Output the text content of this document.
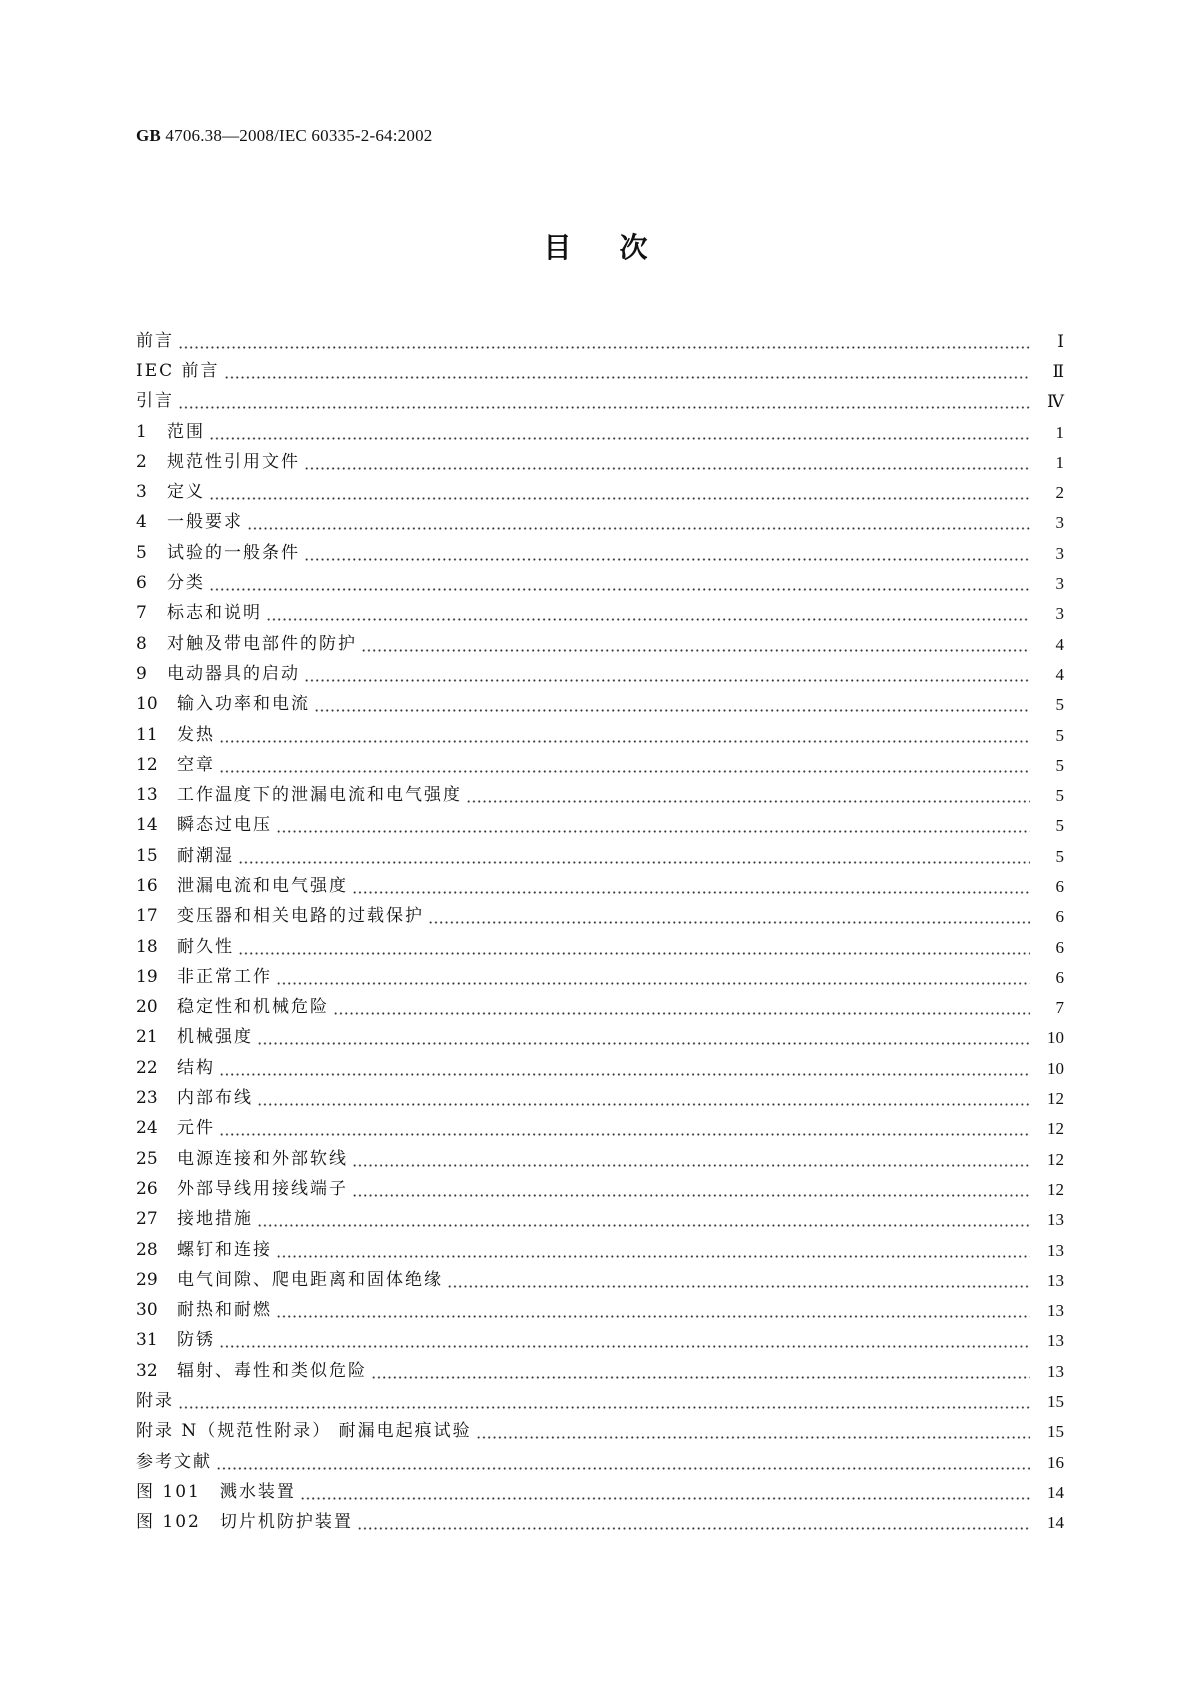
GB 4706.38—2008/IEC 60335-2-64:2002
目次
前言	Ⅰ
IEC 前言	Ⅱ
引言	Ⅳ
1	范围	1
2	规范性引用文件	1
3	定义	2
4	一般要求	3
5	试验的一般条件	3
6	分类	3
7	标志和说明	3
8	对触及带电部件的防护	4
9	电动器具的启动	4
10	输入功率和电流	5
11	发热	5
12	空章	5
13	工作温度下的泄漏电流和电气强度	5
14	瞬态过电压	5
15	耐潮湿	5
16	泄漏电流和电气强度	6
17	变压器和相关电路的过载保护	6
18	耐久性	6
19	非正常工作	6
20	稳定性和机械危险	7
21	机械强度	10
22	结构	10
23	内部布线	12
24	元件	12
25	电源连接和外部软线	12
26	外部导线用接线端子	12
27	接地措施	13
28	螺钉和连接	13
29	电气间隙、爬电距离和固体绝缘	13
30	耐热和耐燃	13
31	防锈	13
32	辐射、毒性和类似危险	13
附录	15
附录 N（规范性附录） 耐漏电起痕试验	15
参考文献	16
图 101　溅水装置	14
图 102　切片机防护装置	14
